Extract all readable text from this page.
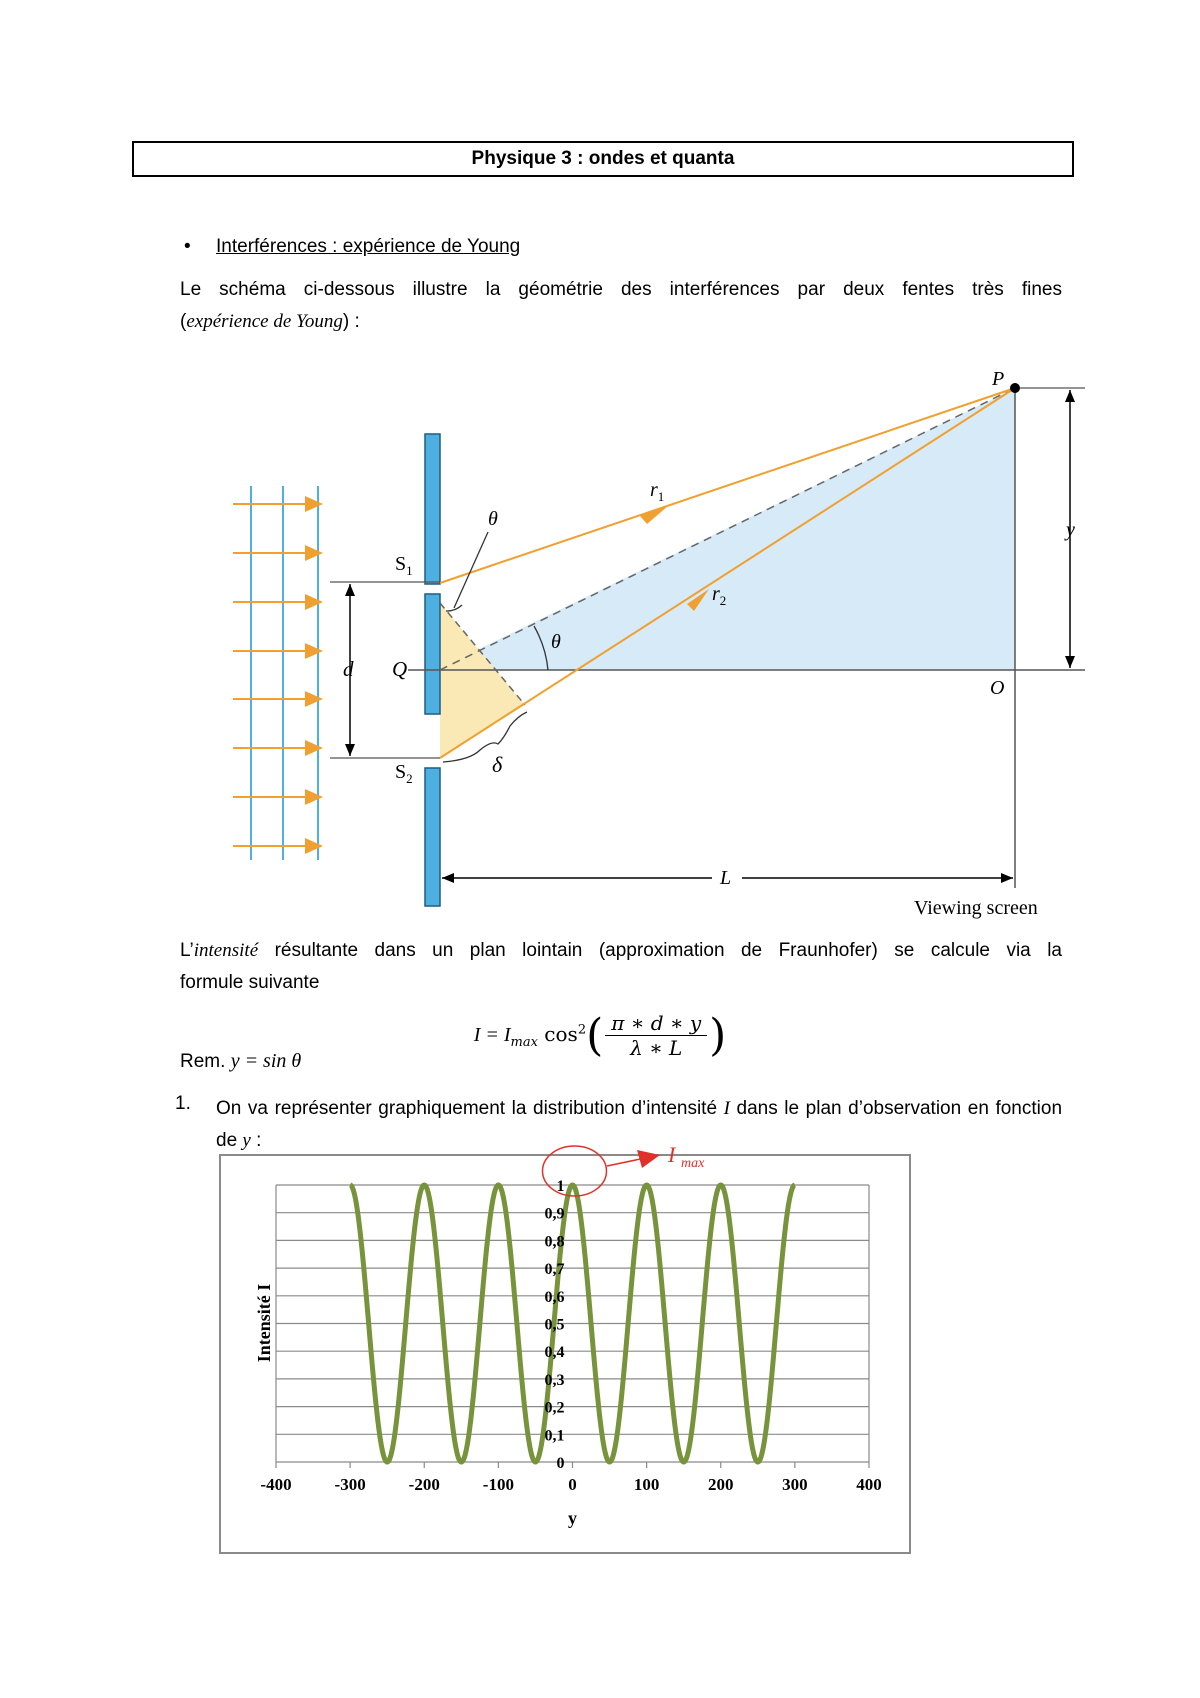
Physique 3 : ondes et quanta
• Interférences : expérience de Young
Le schéma ci-dessous illustre la géométrie des interférences par deux fentes très fines
(expérience de Young) :
P
$S_1$
$S_2$
Q
O
d
y
L
θ
θ
δ
$r_1$
$r_2$
Viewing screen
L’intensité résultante dans un plan lointain (approximation de Fraunhofer) se calcule via la
formule suivante
$I = I_{max}$ $\cos^2( \frac{\pi ∗ d ∗ y}{\lambda ∗ L}$ )
Rem. y = sin θ
1. On va représenter graphiquement la distribution d’intensité I dans le plan d’observation en fonction de y :
-400	-300	-200	-100	0	100	200	300	400
0
0,1
0,2
0,3
0,4
0,5
0,6
0,7
0,8
0,9
1
y
Intensité I
I max
